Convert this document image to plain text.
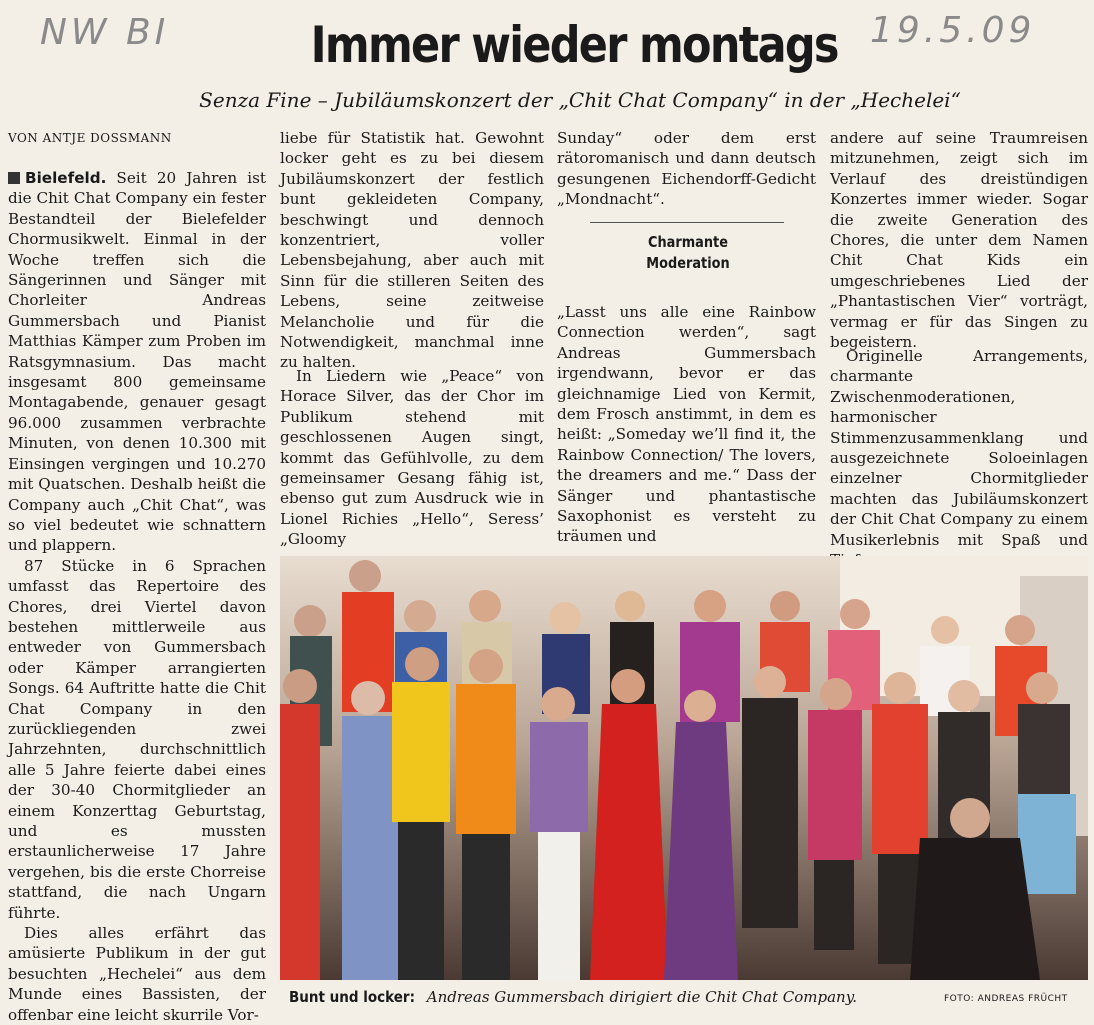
NW BI	19.5.09
Immer wieder montags
Senza Fine – Jubiläumskonzert der „Chit Chat Company“ in der „Hechelei“
VON ANTJE DOSSMANN

Bielefeld. Seit 20 Jahren ist die Chit Chat Company ein fester Bestandteil der Bielefelder Chormusikwelt. Einmal in der Woche treffen sich die Sängerinnen und Sänger mit Chorleiter Andreas Gummersbach und Pianist Matthias Kämper zum Proben im Ratsgymnasium. Das macht insgesamt 800 gemeinsame Montagabende, genauer gesagt 96.000 zusammen verbrachte Minuten, von denen 10.300 mit Einsingen vergingen und 10.270 mit Quatschen. Deshalb heißt die Company auch „Chit Chat“, was so viel bedeutet wie schnattern und plappern.

87 Stücke in 6 Sprachen umfasst das Repertoire des Chores, drei Viertel davon bestehen mittlerweile aus entweder von Gummersbach oder Kämper arrangierten Songs. 64 Auftritte hatte die Chit Chat Company in den zurückliegenden zwei Jahrzehnten, durchschnittlich alle 5 Jahre feierte dabei eines der 30-40 Chormitglieder an einem Konzerttag Geburtstag, und es mussten erstaunlicherweise 17 Jahre vergehen, bis die erste Chorreise stattfand, die nach Ungarn führte.

Dies alles erfährt das amüsierte Publikum in der gut besuchten „Hechelei“ aus dem Munde eines Bassisten, der offenbar eine leicht skurrile Vor-

liebe für Statistik hat. Gewohnt locker geht es zu bei diesem Jubiläumskonzert der festlich bunt gekleideten Company, beschwingt und dennoch konzentriert, voller Lebensbejahung, aber auch mit Sinn für die stilleren Seiten des Lebens, seine zeitweise Melancholie und für die Notwendigkeit, manchmal inne zu halten.

In Liedern wie „Peace“ von Horace Silver, das der Chor im Publikum stehend mit geschlossenen Augen singt, kommt das Gefühlvolle, zu dem gemeinsamer Gesang fähig ist, ebenso gut zum Ausdruck wie in Lionel Richies „Hello“, Seress’ „Gloomy

Sunday“ oder dem erst rätoromanisch und dann deutsch gesungenen Eichendorff-Gedicht „Mondnacht“.

Charmante
Moderation

„Lasst uns alle eine Rainbow Connection werden“, sagt Andreas Gummersbach irgendwann, bevor er das gleichnamige Lied von Kermit, dem Frosch anstimmt, in dem es heißt: „Someday we’ll find it, the Rainbow Connection/ The lovers, the dreamers and me.“ Dass der Sänger und phantastische Saxophonist es versteht zu träumen und

andere auf seine Traumreisen mitzunehmen, zeigt sich im Verlauf des dreistündigen Konzertes immer wieder. Sogar die zweite Generation des Chores, die unter dem Namen Chit Chat Kids ein umgeschriebenes Lied der „Phantastischen Vier“ vorträgt, vermag er für das Singen zu begeistern.

Originelle Arrangements, charmante Zwischenmoderationen, harmonischer Stimmenzusammenklang und ausgezeichnete Soloeinlagen einzelner Chormitglieder machten das Jubiläumskonzert der Chit Chat Company zu einem Musikerlebnis mit Spaß und

Bunt und locker: Andreas Gummersbach dirigiert die Chit Chat Company.	FOTO: ANDREAS FRÜCHT
